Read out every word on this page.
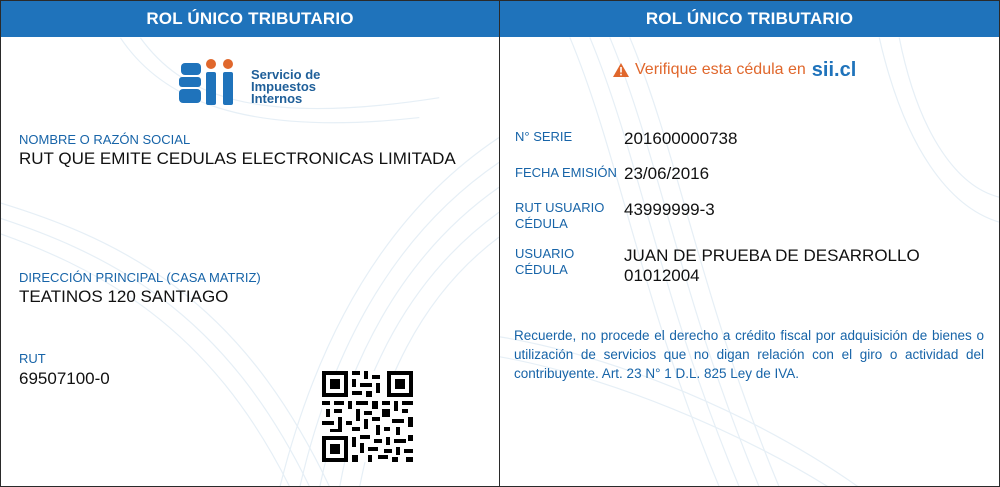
ROL ÚNICO TRIBUTARIO
Servicio de
Impuestos
Internos
NOMBRE O RAZÓN SOCIAL
RUT QUE EMITE CEDULAS ELECTRONICAS LIMITADA
DIRECCIÓN PRINCIPAL (CASA MATRIZ)
TEATINOS 120 SANTIAGO
RUT
69507100-0
ROL ÚNICO TRIBUTARIO
Verifique esta cédula en sii.cl
N° SERIE	201600000738
FECHA EMISIÓN 23/06/2016
RUT USUARIO
CÉDULA
43999999-3
USUARIO
CÉDULA
JUAN DE PRUEBA DE DESARROLLO
01012004
Recuerde, no procede el derecho a crédito fiscal por adquisición de bienes o utilización de servicios que no digan relación con el giro o actividad del contribuyente. Art. 23 N° 1 D.L. 825 Ley de IVA.
